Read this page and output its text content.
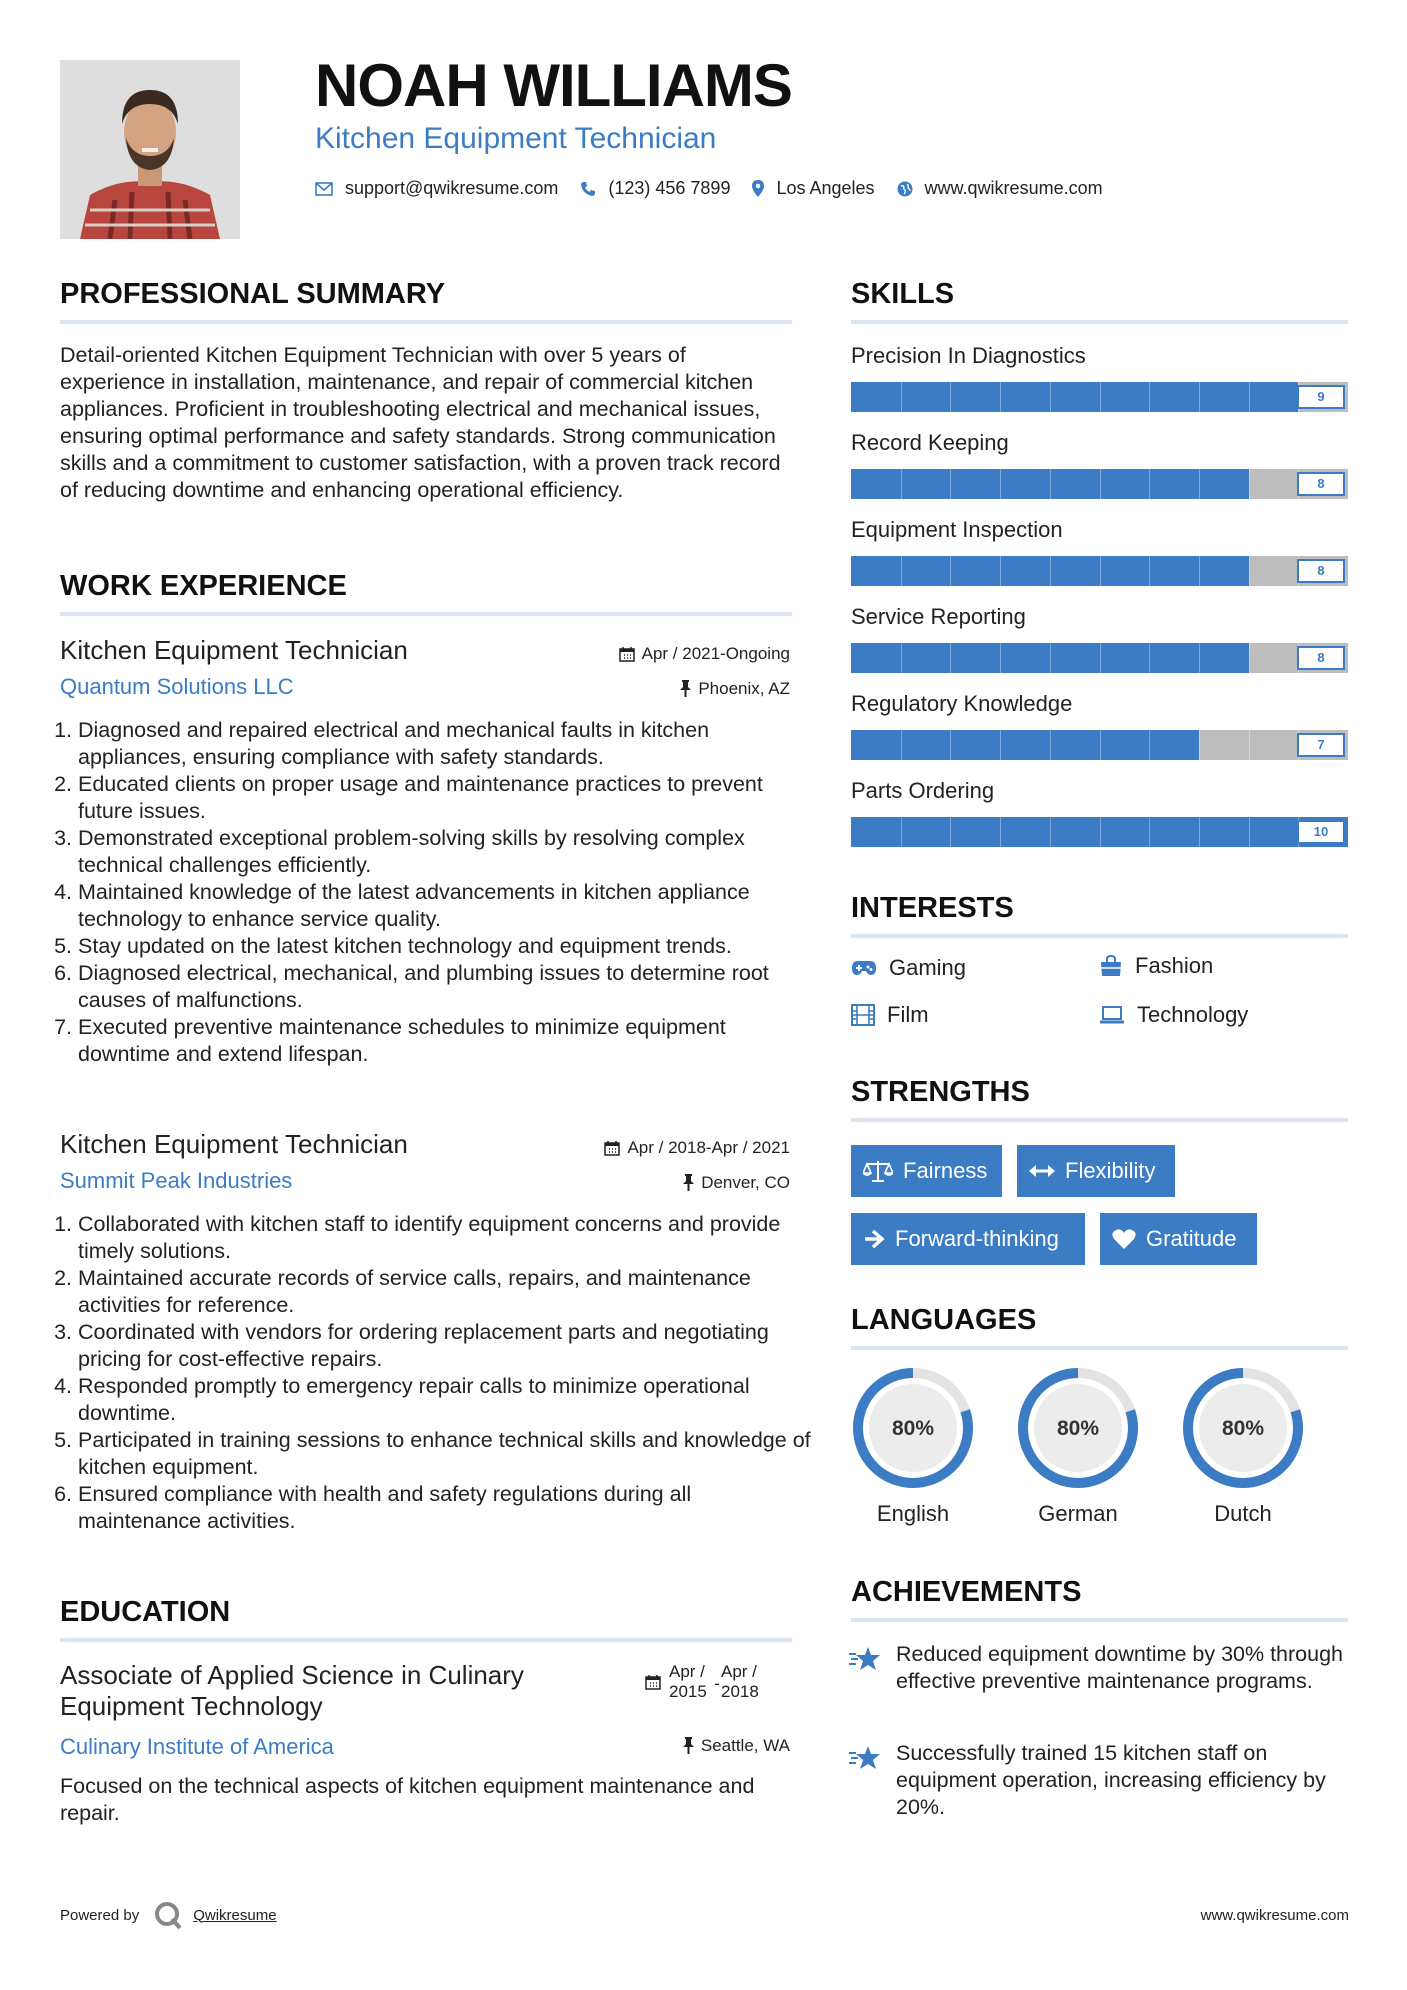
NOAH WILLIAMS
Kitchen Equipment Technician
support@qwikresume.com	(123) 456 7899	Los Angeles	www.qwikresume.com
PROFESSIONAL SUMMARY
Detail-oriented Kitchen Equipment Technician with over 5 years of experience in installation, maintenance, and repair of commercial kitchen appliances. Proficient in troubleshooting electrical and mechanical issues, ensuring optimal performance and safety standards. Strong communication skills and a commitment to customer satisfaction, with a proven track record of reducing downtime and enhancing operational efficiency.
WORK EXPERIENCE
Kitchen Equipment Technician
Quantum Solutions LLC
Apr / 2021-Ongoing
Phoenix, AZ
1. Diagnosed and repaired electrical and mechanical faults in kitchen appliances, ensuring compliance with safety standards.
2. Educated clients on proper usage and maintenance practices to prevent future issues.
3. Demonstrated exceptional problem-solving skills by resolving complex technical challenges efficiently.
4. Maintained knowledge of the latest advancements in kitchen appliance technology to enhance service quality.
5. Stay updated on the latest kitchen technology and equipment trends.
6. Diagnosed electrical, mechanical, and plumbing issues to determine root causes of malfunctions.
7. Executed preventive maintenance schedules to minimize equipment downtime and extend lifespan.
Kitchen Equipment Technician
Summit Peak Industries
Apr / 2018-Apr / 2021
Denver, CO
1. Collaborated with kitchen staff to identify equipment concerns and provide timely solutions.
2. Maintained accurate records of service calls, repairs, and maintenance activities for reference.
3. Coordinated with vendors for ordering replacement parts and negotiating pricing for cost-effective repairs.
4. Responded promptly to emergency repair calls to minimize operational downtime.
5. Participated in training sessions to enhance technical skills and knowledge of kitchen equipment.
6. Ensured compliance with health and safety regulations during all maintenance activities.
EDUCATION
Associate of Applied Science in Culinary Equipment Technology
Apr / 2015 -
Apr / 2018
Culinary Institute of America	Seattle, WA
Focused on the technical aspects of kitchen equipment maintenance and repair.
SKILLS
Precision In Diagnostics
9
Record Keeping
8
Equipment Inspection
8
Service Reporting
8
Regulatory Knowledge
7
Parts Ordering
10
INTERESTS
Gaming	Fashion
Film	Technology
STRENGTHS
Fairness	Flexibility
Forward-thinking	Gratitude
LANGUAGES
80%
English
80%
German
80%
Dutch
ACHIEVEMENTS
Reduced equipment downtime by 30% through effective preventive maintenance programs.
Successfully trained 15 kitchen staff on equipment operation, increasing efficiency by 20%.
Powered by	Qwikresume	www.qwikresume.com
